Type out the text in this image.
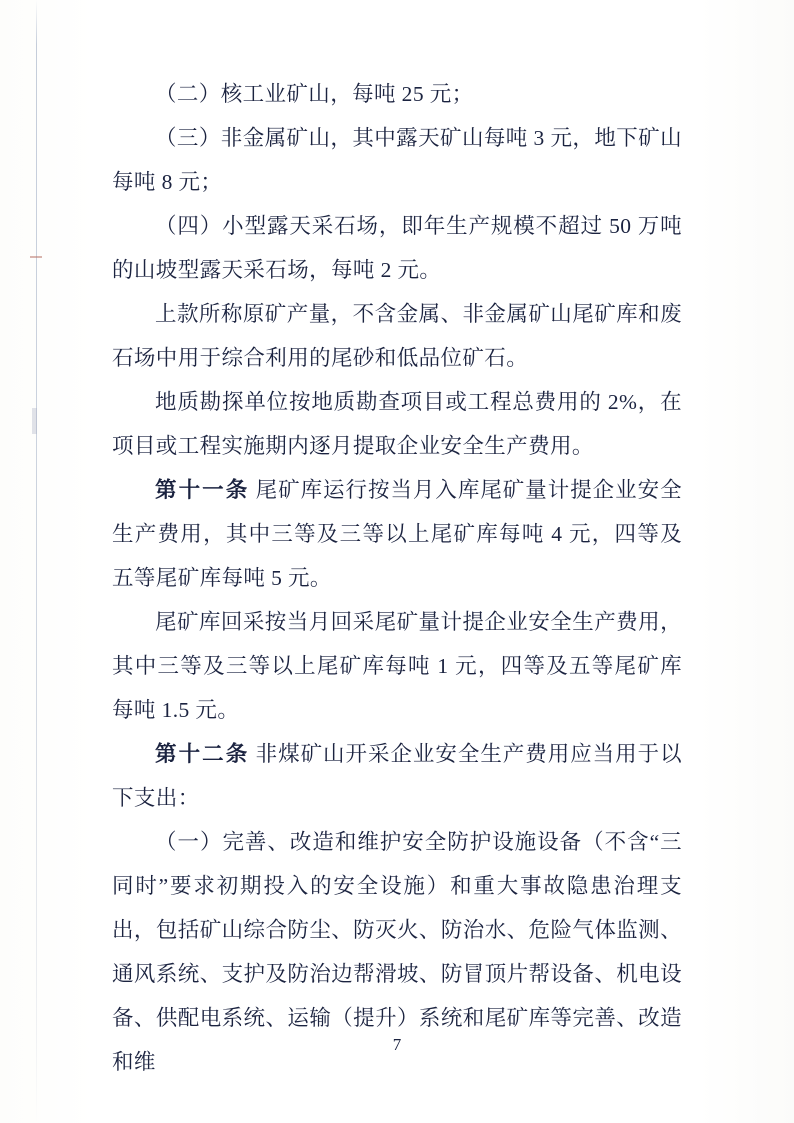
（二）核工业矿山，每吨 25 元；

（三）非金属矿山，其中露天矿山每吨 3 元，地下矿山每吨 8 元；

（四）小型露天采石场，即年生产规模不超过 50 万吨的山坡型露天采石场，每吨 2 元。

上款所称原矿产量，不含金属、非金属矿山尾矿库和废石场中用于综合利用的尾砂和低品位矿石。

地质勘探单位按地质勘查项目或工程总费用的 2%，在项目或工程实施期内逐月提取企业安全生产费用。

第十一条 尾矿库运行按当月入库尾矿量计提企业安全生产费用，其中三等及三等以上尾矿库每吨 4 元，四等及五等尾矿库每吨 5 元。

尾矿库回采按当月回采尾矿量计提企业安全生产费用，其中三等及三等以上尾矿库每吨 1 元，四等及五等尾矿库每吨 1.5 元。

第十二条 非煤矿山开采企业安全生产费用应当用于以下支出：

（一）完善、改造和维护安全防护设施设备（不含“三同时”要求初期投入的安全设施）和重大事故隐患治理支出，包括矿山综合防尘、防灭火、防治水、危险气体监测、通风系统、支护及防治边帮滑坡、防冒顶片帮设备、机电设备、供配电系统、运输（提升）系统和尾矿库等完善、改造和维

7
